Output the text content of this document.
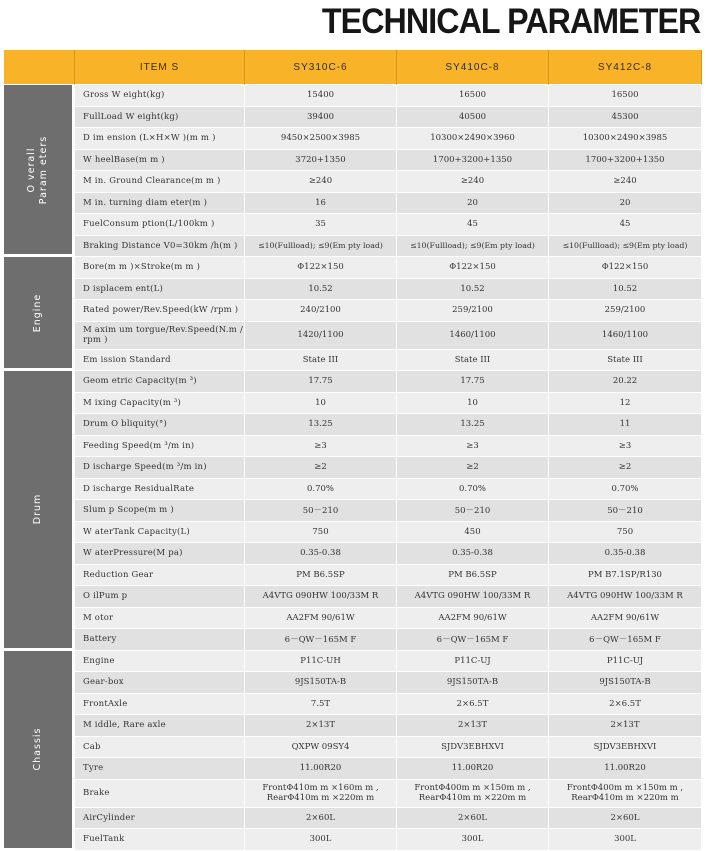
TECHNICAL PARAMETER
	ITEM S	SY310C-6	SY410C-8	SY412C-8

O verall
Param eters	Gross W eight(kg)	15400	16500	16500
	FullLoad W eight(kg)	39400	40500	45300
	D im ension (L×H×W )(m m )	9450×2500×3985	10300×2490×3960	10300×2490×3985
	W heelBase(m m )	3720+1350	1700+3200+1350	1700+3200+1350
	M in. Ground Clearance(m m )	≥240	≥240	≥240
	M in. turning diam eter(m )	16	20	20
	FuelConsum ption(L/100km )	35	45	45
	Braking Distance V0=30km /h(m )	≤10(Fullload); ≤9(Em pty load)	≤10(Fullload); ≤9(Em pty load)	≤10(Fullload); ≤9(Em pty load)

Engine	Bore(m m )×Stroke(m m )	Φ122×150	Φ122×150	Φ122×150
	D isplacem ent(L)	10.52	10.52	10.52
	Rated power/Rev.Speed(kW /rpm )	240/2100	259/2100	259/2100
	M axim um torgue/Rev.Speed(N.m / rpm )	1420/1100	1460/1100	1460/1100
	Em ission Standard	State III	State III	State III

Drum	Geom etric Capacity(m ³)	17.75	17.75	20.22
	M ixing Capacity(m ³)	10	10	12
	Drum O bliquity(°)	13.25	13.25	11
	Feeding Speed(m ³/m in)	≥3	≥3	≥3
	D ischarge Speed(m ³/m in)	≥2	≥2	≥2
	D ischarge ResidualRate	0.70%	0.70%	0.70%
	Slum p Scope(m m )	50－210	50－210	50－210
	W aterTank Capacity(L)	750	450	750
	W aterPressure(M pa)	0.35-0.38	0.35-0.38	0.35-0.38
	Reduction Gear	PM B6.5SP	PM B6.5SP	PM B7.1SP/R130
	O ilPum p	A4VTG 090HW 100/33M R	A4VTG 090HW 100/33M R	A4VTG 090HW 100/33M R
	M otor	AA2FM 90/61W	AA2FM 90/61W	AA2FM 90/61W
	Battery	6－QW－165M F	6－QW－165M F	6－QW－165M F

Chassis	Engine	P11C-UH	P11C-UJ	P11C-UJ
	Gear-box	9JS150TA-B	9JS150TA-B	9JS150TA-B
	FrontAxle	7.5T	2×6.5T	2×6.5T
	M iddle, Rare axle	2×13T	2×13T	2×13T
	Cab	QXPW 09SY4	SJDV3EBHXVI	SJDV3EBHXVI
	Tyre	11.00R20	11.00R20	11.00R20
	Brake	FrontΦ410m m ×160m m , RearΦ410m m ×220m m	FrontΦ400m m ×150m m , RearΦ410m m ×220m m	FrontΦ400m m ×150m m , RearΦ410m m ×220m m
	AirCylinder	2×60L	2×60L	2×60L
	FuelTank	300L	300L	300L
